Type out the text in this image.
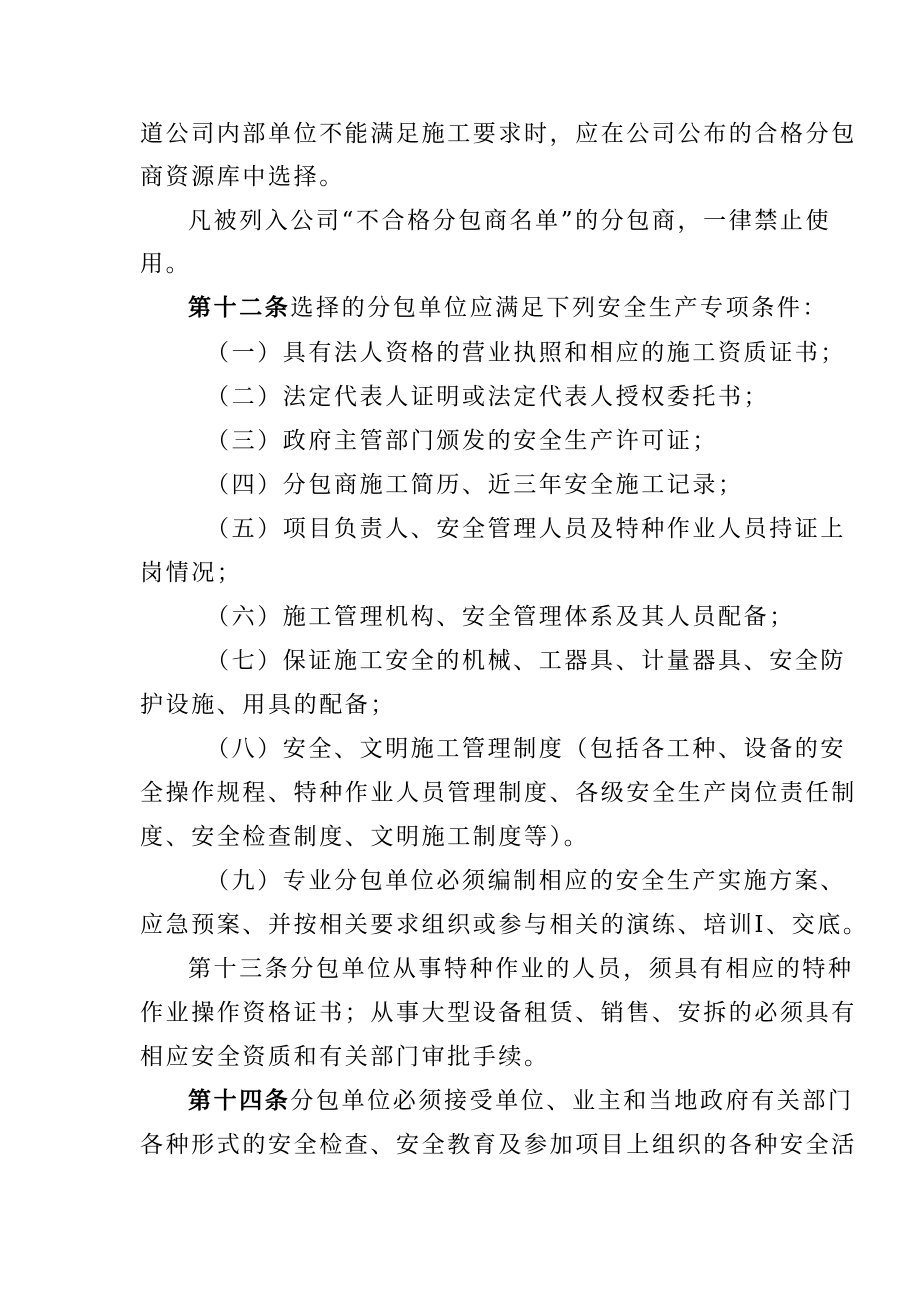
道公司内部单位不能满足施工要求时，应在公司公布的合格分包
商资源库中选择。
凡被列入公司“不合格分包商名单”的分包商，一律禁止使
用。
第十二条选择的分包单位应满足下列安全生产专项条件：
（一）具有法人资格的营业执照和相应的施工资质证书；
（二）法定代表人证明或法定代表人授权委托书；
（三）政府主管部门颁发的安全生产许可证；
（四）分包商施工简历、近三年安全施工记录；
（五）项目负责人、安全管理人员及特种作业人员持证上
岗情况；
（六）施工管理机构、安全管理体系及其人员配备；
（七）保证施工安全的机械、工器具、计量器具、安全防
护设施、用具的配备；
（八）安全、文明施工管理制度（包括各工种、设备的安
全操作规程、特种作业人员管理制度、各级安全生产岗位责任制
度、安全检查制度、文明施工制度等）。
（九）专业分包单位必须编制相应的安全生产实施方案、
应急预案、并按相关要求组织或参与相关的演练、培训Ⅰ、交底。
第十三条分包单位从事特种作业的人员，须具有相应的特种
作业操作资格证书；从事大型设备租赁、销售、安拆的必须具有
相应安全资质和有关部门审批手续。
第十四条分包单位必须接受单位、业主和当地政府有关部门
各种形式的安全检查、安全教育及参加项目上组织的各种安全活
